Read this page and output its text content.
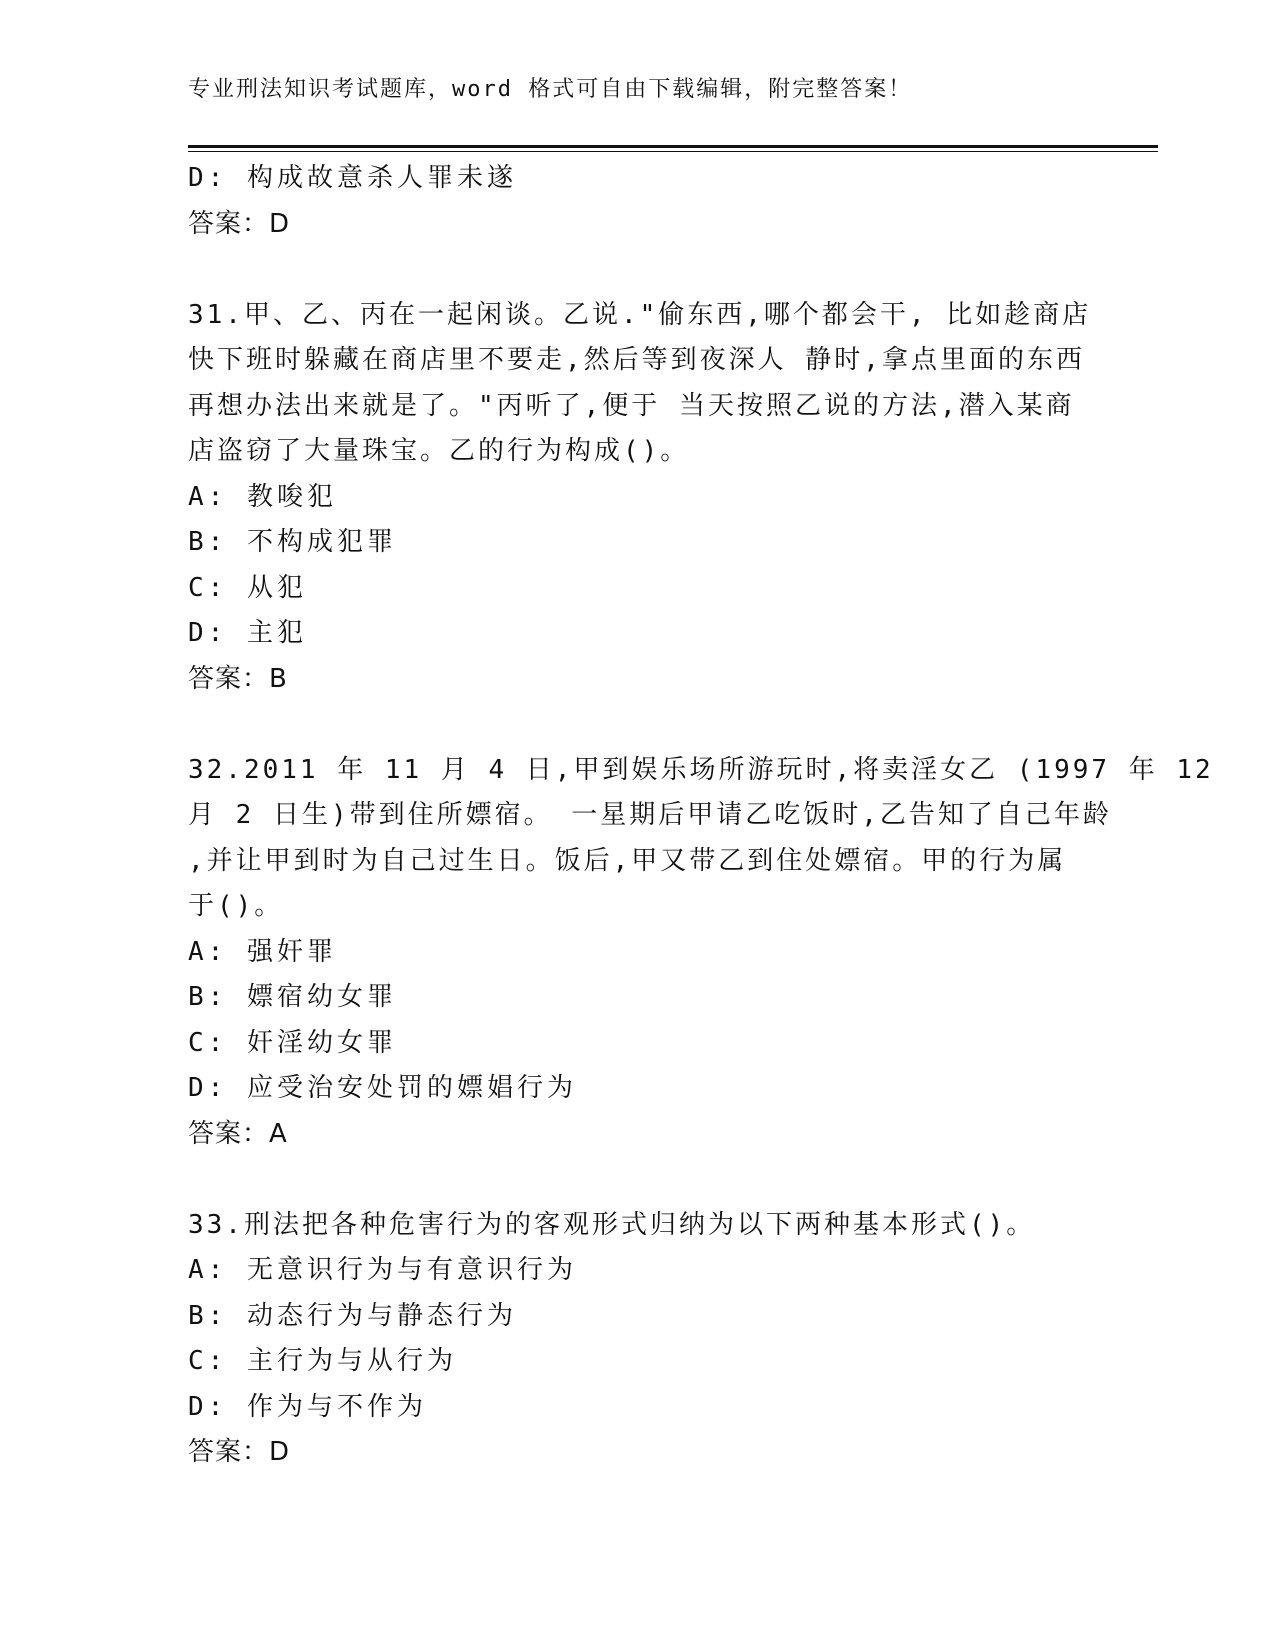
专业刑法知识考试题库，word 格式可自由下载编辑，附完整答案！
D: 构成故意杀人罪未遂
答案：D
31.甲、乙、丙在一起闲谈。乙说."偷东西,哪个都会干, 比如趁商店
快下班时躲藏在商店里不要走,然后等到夜深人 静时,拿点里面的东西
再想办法出来就是了。"丙听了,便于 当天按照乙说的方法,潜入某商
店盗窃了大量珠宝。乙的行为构成()。
A: 教唆犯
B: 不构成犯罪
C: 从犯
D: 主犯
答案：B
32.2011 年 11 月 4 日,甲到娱乐场所游玩时,将卖淫女乙 (1997 年 12
月 2 日生)带到住所嫖宿。 一星期后甲请乙吃饭时,乙告知了自己年龄
,并让甲到时为自己过生日。饭后,甲又带乙到住处嫖宿。甲的行为属
于()。
A: 强奸罪
B: 嫖宿幼女罪
C: 奸淫幼女罪
D: 应受治安处罚的嫖娼行为
答案：A
33.刑法把各种危害行为的客观形式归纳为以下两种基本形式()。
A: 无意识行为与有意识行为
B: 动态行为与静态行为
C: 主行为与从行为
D: 作为与不作为
答案：D
